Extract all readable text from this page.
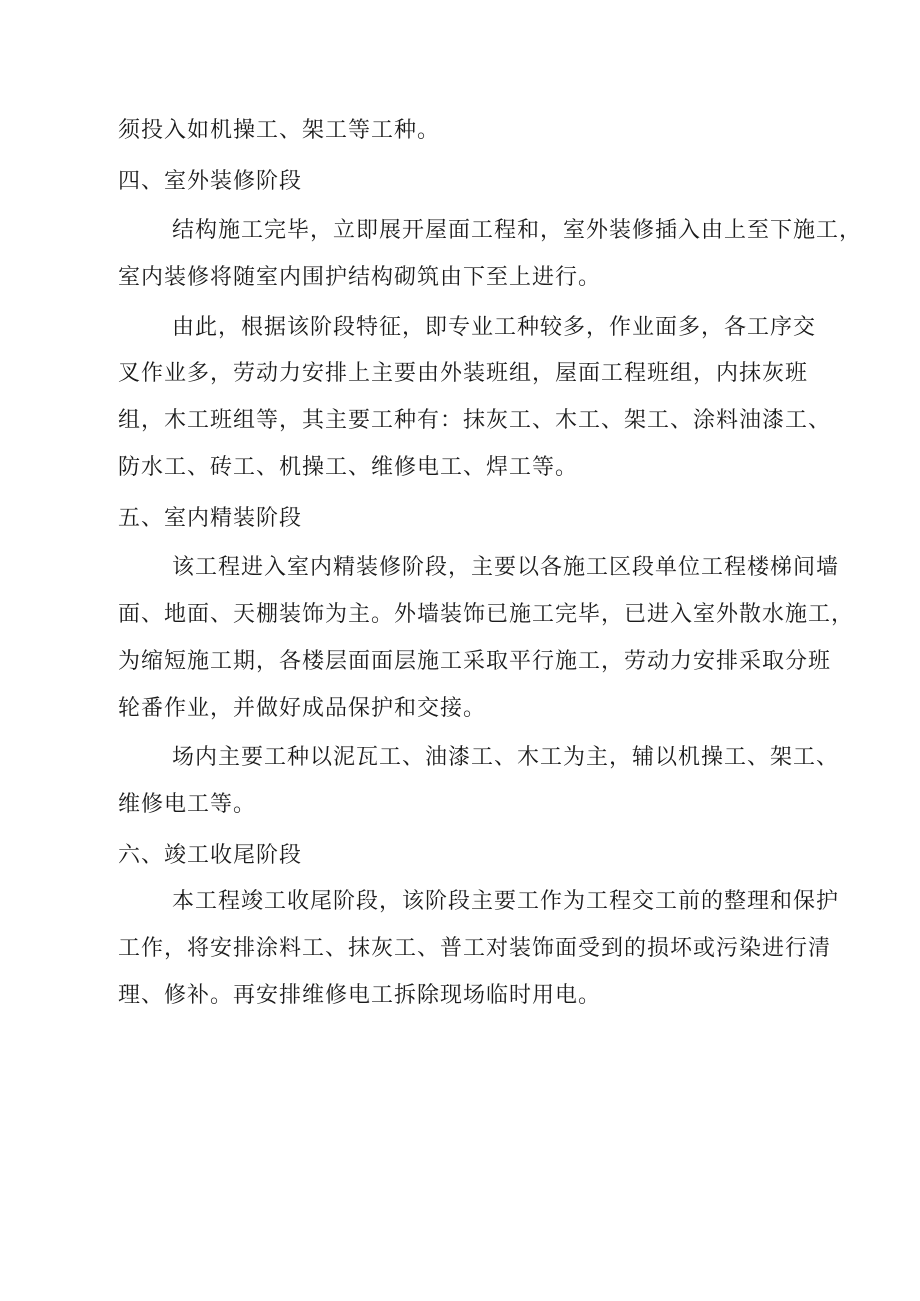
须投入如机操工、架工等工种。
四、室外装修阶段
结构施工完毕，立即展开屋面工程和，室外装修插入由上至下施工，
室内装修将随室内围护结构砌筑由下至上进行。
由此，根据该阶段特征，即专业工种较多，作业面多，各工序交
叉作业多，劳动力安排上主要由外装班组，屋面工程班组，内抹灰班
组，木工班组等，其主要工种有：抹灰工、木工、架工、涂料油漆工、
防水工、砖工、机操工、维修电工、焊工等。
五、室内精装阶段
该工程进入室内精装修阶段，主要以各施工区段单位工程楼梯间墙
面、地面、天棚装饰为主。外墙装饰已施工完毕，已进入室外散水施工，
为缩短施工期，各楼层面面层施工采取平行施工，劳动力安排采取分班
轮番作业，并做好成品保护和交接。
场内主要工种以泥瓦工、油漆工、木工为主，辅以机操工、架工、
维修电工等。
六、竣工收尾阶段
本工程竣工收尾阶段，该阶段主要工作为工程交工前的整理和保护
工作，将安排涂料工、抹灰工、普工对装饰面受到的损坏或污染进行清
理、修补。再安排维修电工拆除现场临时用电。
